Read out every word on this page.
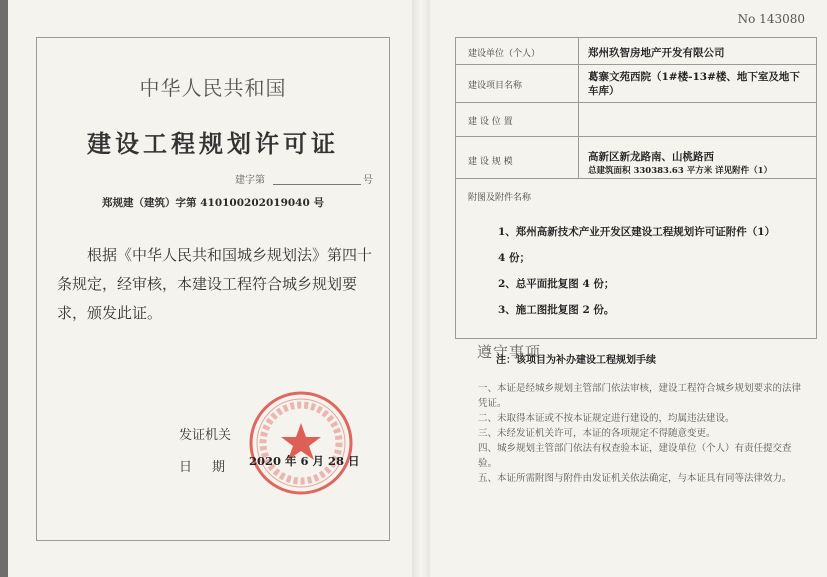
No 143080
中华人民共和国
建设工程规划许可证
建字第	号
郑规建（建筑）字第 410100202019040 号
根据《中华人民共和国城乡规划法》第四十条规定，经审核，本建设工程符合城乡规划要求，颁发此证。
发证机关
日期 2020 年 6 月 28 日
建设单位（个人）	郑州玖智房地产开发有限公司
建设项目名称
葛寨文苑西院（1#楼-13#楼、地下室及地下车库）
建 设 位 置
建 设 规 模
总建筑面积 330383.63 平方米 详见附件（1）
高新区新龙路南、山桃路西
附图及附件名称
1、郑州高新技术产业开发区建设工程规划许可证附件（1）
4 份；
2、总平面批复图 4 份；
3、施工图批复图 2 份。
遵守事项
注：该项目为补办建设工程规划手续

一、本证是经城乡规划主管部门依法审核，建设工程符合城乡规划要求的法律凭证。

二、未取得本证或不按本证规定进行建设的，均属违法建设。

三、未经发证机关许可，本证的各项规定不得随意变更。

四、城乡规划主管部门依法有权查验本证，建设单位（个人）有责任提交查验。

五、本证所需附图与附件由发证机关依法确定，与本证具有同等法律效力。
